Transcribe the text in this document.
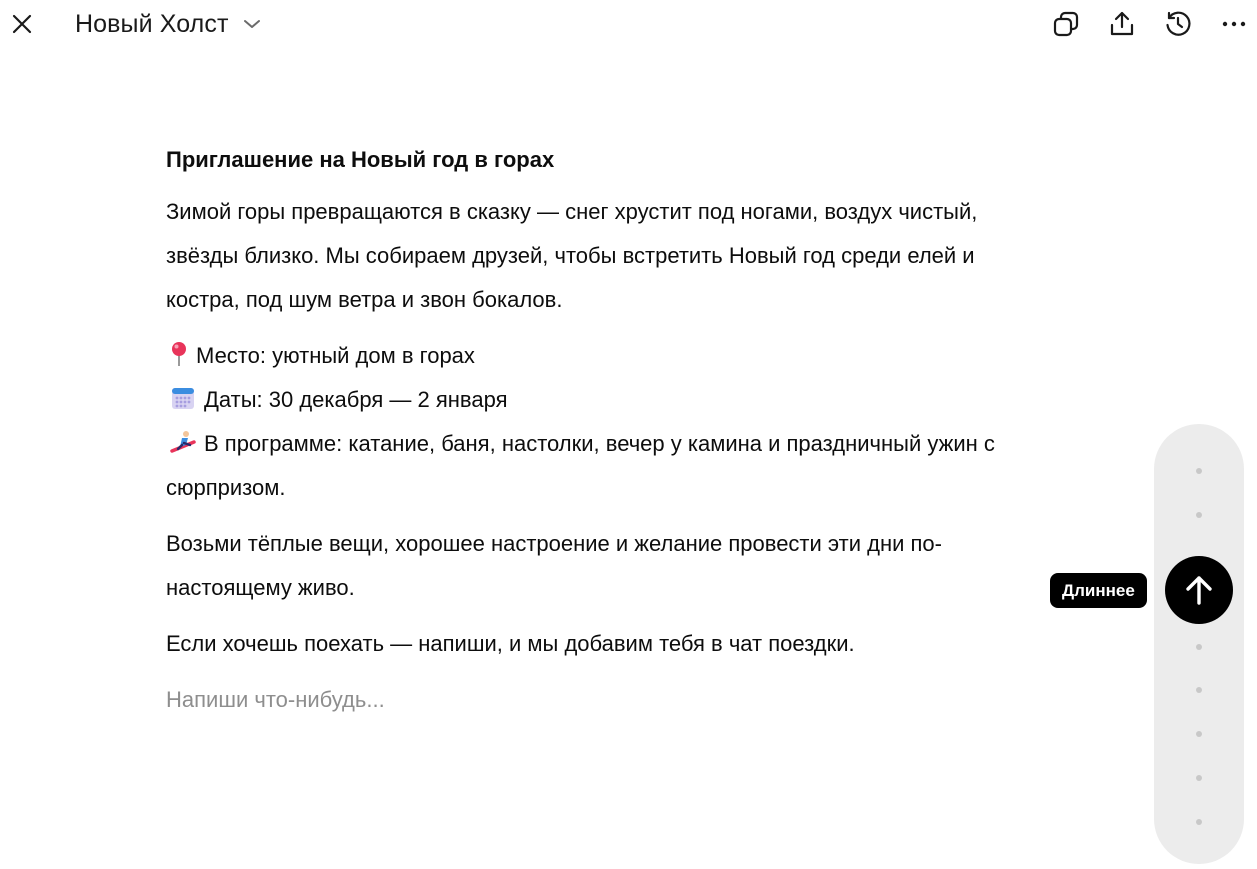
Новый Холст
Приглашение на Новый год в горах

Зимой горы превращаются в сказку — снег хрустит под ногами, воздух чистый, звёзды близко. Мы собираем друзей, чтобы встретить Новый год среди елей и костра, под шум ветра и звон бокалов.

Место: уютный дом в горах
Даты: 30 декабря — 2 января
В программе: катание, баня, настолки, вечер у камина и праздничный ужин с сюрпризом.

Возьми тёплые вещи, хорошее настроение и желание провести эти дни по-настоящему живо.

Если хочешь поехать — напиши, и мы добавим тебя в чат поездки.

Напиши что-нибудь...

Длиннее
